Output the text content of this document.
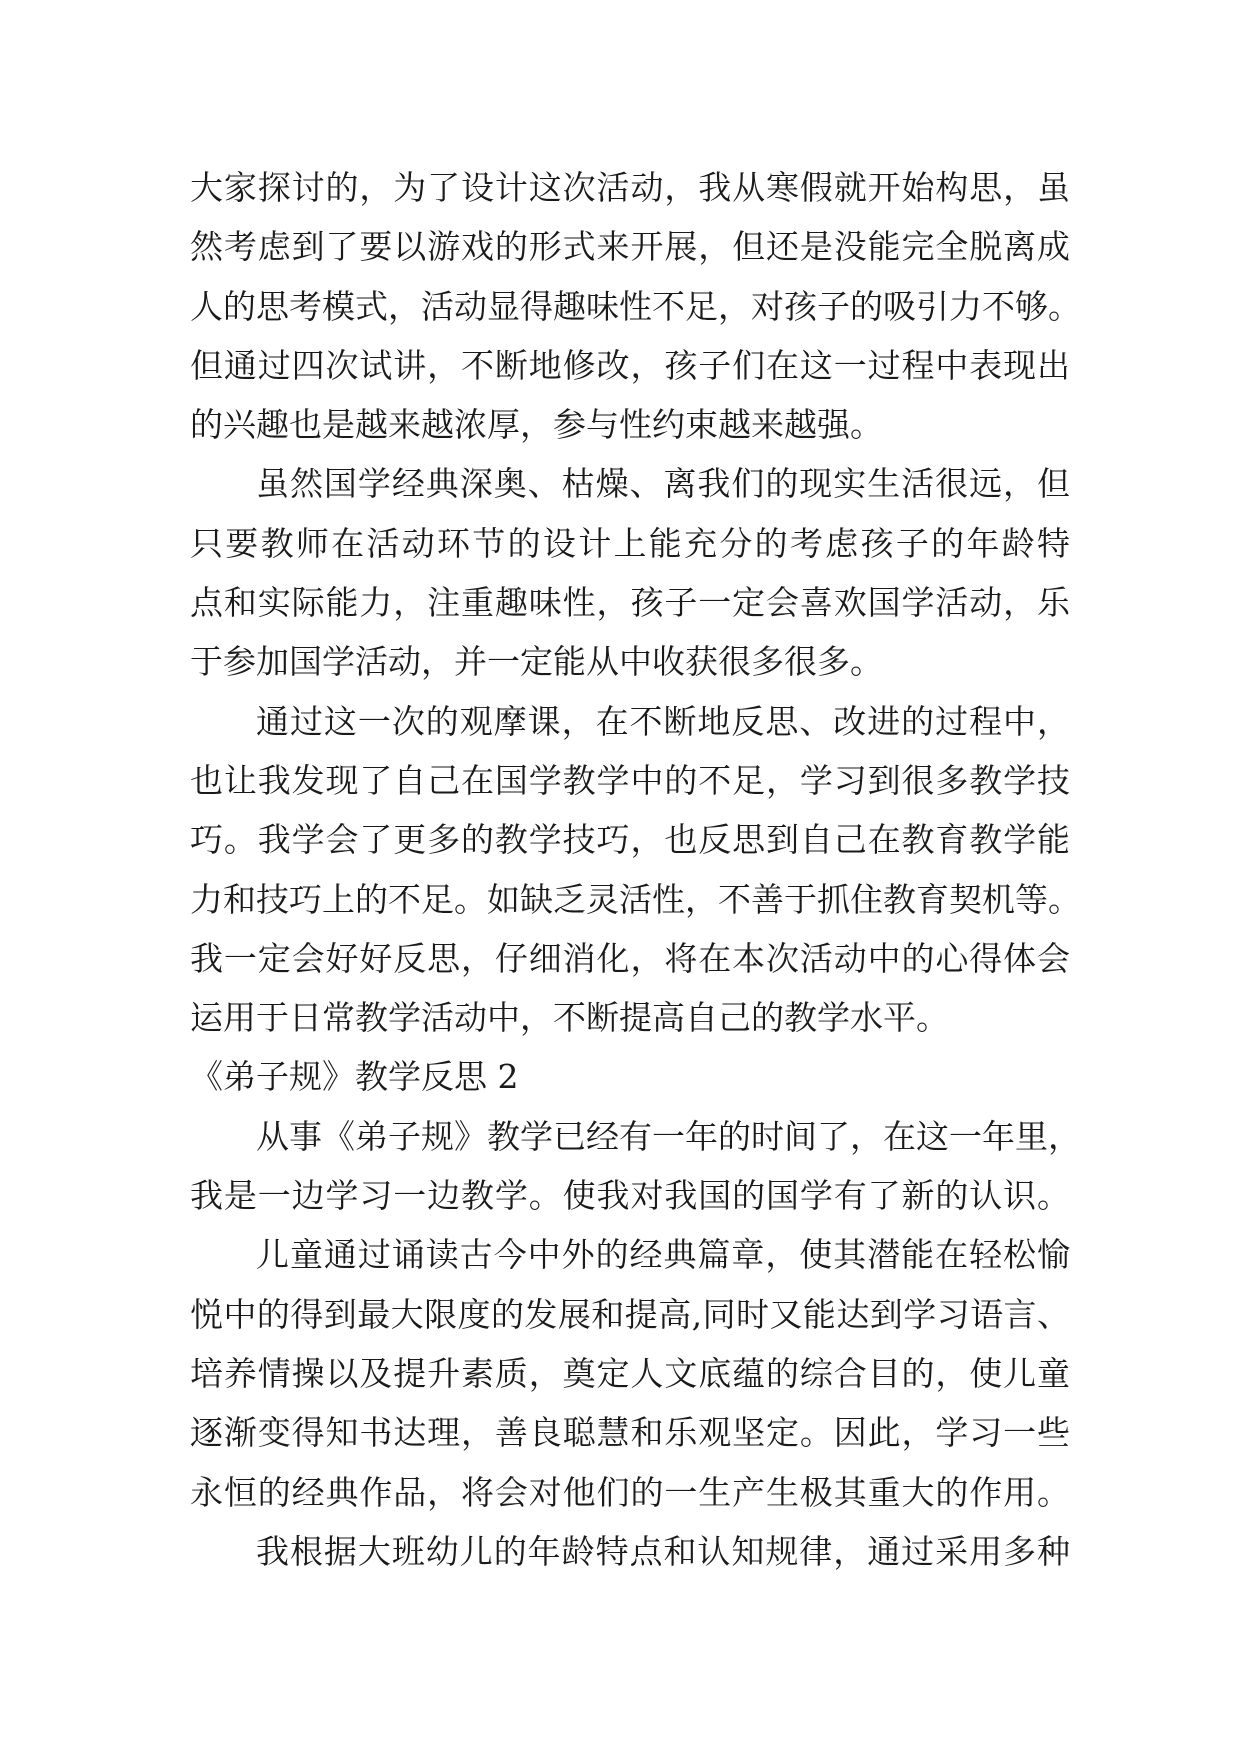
大家探讨的，为了设计这次活动，我从寒假就开始构思，虽
然考虑到了要以游戏的形式来开展，但还是没能完全脱离成
人的思考模式，活动显得趣味性不足，对孩子的吸引力不够。
但通过四次试讲，不断地修改，孩子们在这一过程中表现出
的兴趣也是越来越浓厚，参与性约束越来越强。
虽然国学经典深奥、枯燥、离我们的现实生活很远，但
只要教师在活动环节的设计上能充分的考虑孩子的年龄特
点和实际能力，注重趣味性，孩子一定会喜欢国学活动，乐
于参加国学活动，并一定能从中收获很多很多。
通过这一次的观摩课，在不断地反思、改进的过程中，
也让我发现了自己在国学教学中的不足，学习到很多教学技
巧。我学会了更多的教学技巧，也反思到自己在教育教学能
力和技巧上的不足。如缺乏灵活性，不善于抓住教育契机等。
我一定会好好反思，仔细消化，将在本次活动中的心得体会
运用于日常教学活动中，不断提高自己的教学水平。
《弟子规》教学反思 2
从事《弟子规》教学已经有一年的时间了，在这一年里，
我是一边学习一边教学。使我对我国的国学有了新的认识。
儿童通过诵读古今中外的经典篇章，使其潜能在轻松愉
悦中的得到最大限度的发展和提高,同时又能达到学习语言、
培养情操以及提升素质，奠定人文底蕴的综合目的，使儿童
逐渐变得知书达理，善良聪慧和乐观坚定。因此，学习一些
永恒的经典作品，将会对他们的一生产生极其重大的作用。
我根据大班幼儿的年龄特点和认知规律，通过采用多种
